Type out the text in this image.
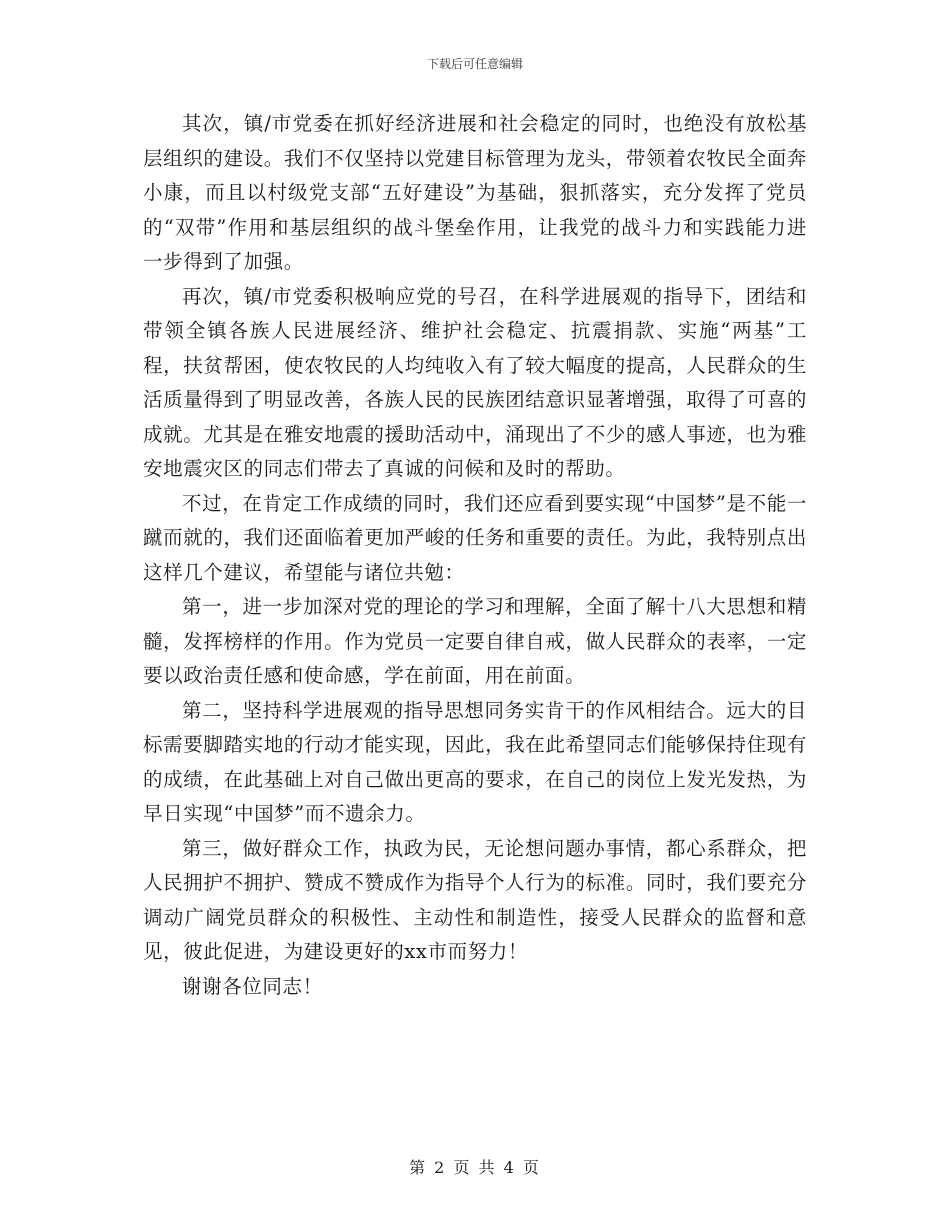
下载后可任意编辑

其次，镇/市党委在抓好经济进展和社会稳定的同时，也绝没有放松基层组织的建设。我们不仅坚持以党建目标管理为龙头，带领着农牧民全面奔小康，而且以村级党支部“五好建设”为基础，狠抓落实，充分发挥了党员的“双带”作用和基层组织的战斗堡垒作用，让我党的战斗力和实践能力进一步得到了加强。

再次，镇/市党委积极响应党的号召，在科学进展观的指导下，团结和带领全镇各族人民进展经济、维护社会稳定、抗震捐款、实施“两基”工程，扶贫帮困，使农牧民的人均纯收入有了较大幅度的提高，人民群众的生活质量得到了明显改善，各族人民的民族团结意识显著增强，取得了可喜的成就。尤其是在雅安地震的援助活动中，涌现出了不少的感人事迹，也为雅安地震灾区的同志们带去了真诚的问候和及时的帮助。

不过，在肯定工作成绩的同时，我们还应看到要实现“中国梦”是不能一蹴而就的，我们还面临着更加严峻的任务和重要的责任。为此，我特别点出这样几个建议，希望能与诸位共勉：

第一，进一步加深对党的理论的学习和理解，全面了解十八大思想和精髓，发挥榜样的作用。作为党员一定要自律自戒，做人民群众的表率，一定要以政治责任感和使命感，学在前面，用在前面。

第二，坚持科学进展观的指导思想同务实肯干的作风相结合。远大的目标需要脚踏实地的行动才能实现，因此，我在此希望同志们能够保持住现有的成绩，在此基础上对自己做出更高的要求，在自己的岗位上发光发热，为早日实现“中国梦”而不遗余力。

第三，做好群众工作，执政为民，无论想问题办事情，都心系群众，把人民拥护不拥护、赞成不赞成作为指导个人行为的标准。同时，我们要充分调动广阔党员群众的积极性、主动性和制造性，接受人民群众的监督和意见，彼此促进，为建设更好的xx市而努力！

谢谢各位同志！

第 2 页 共 4 页
